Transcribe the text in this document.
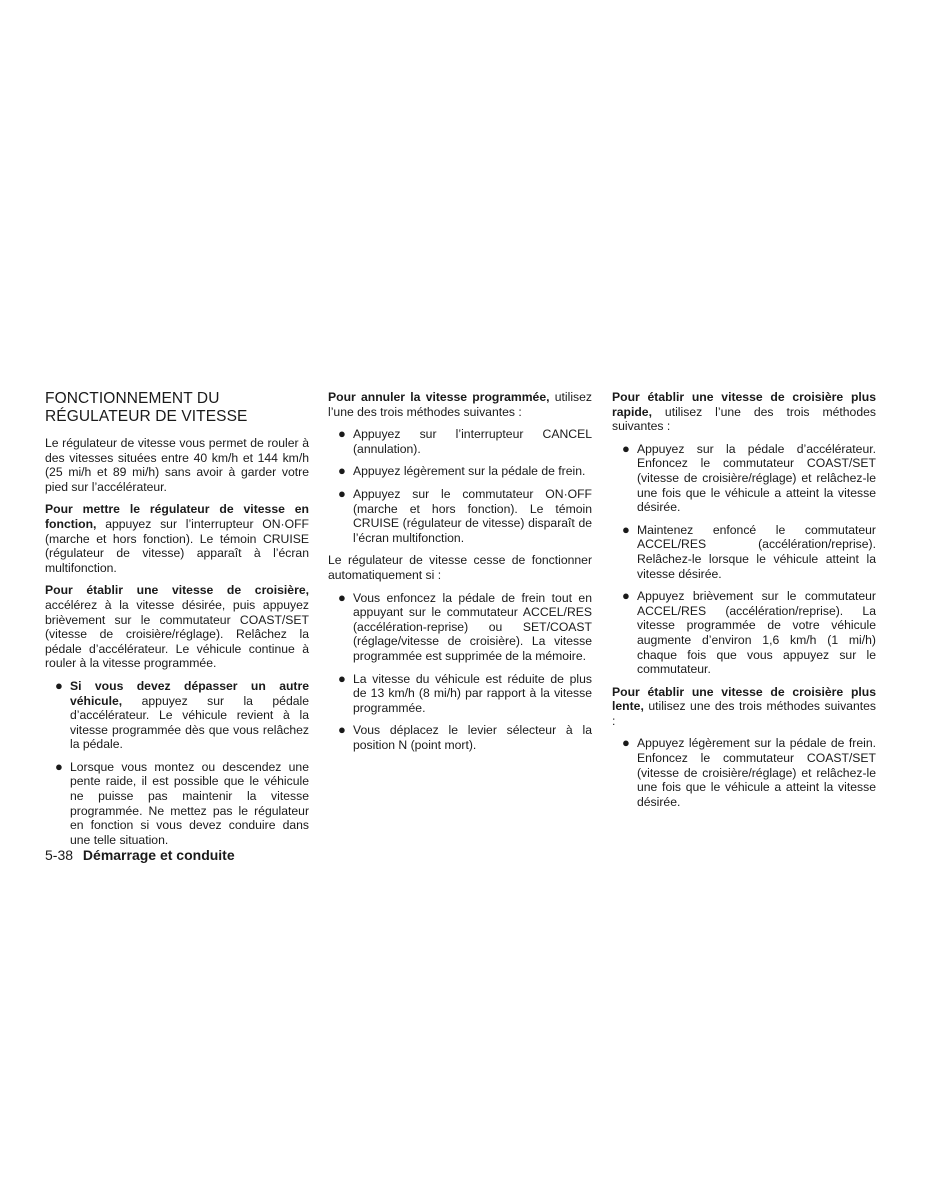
FONCTIONNEMENT DU
RÉGULATEUR DE VITESSE

Le régulateur de vitesse vous permet de rouler à des vitesses situées entre 40 km/h et 144 km/h (25 mi/h et 89 mi/h) sans avoir à garder votre pied sur l’accélérateur.

Pour mettre le régulateur de vitesse en fonction, appuyez sur l’interrupteur ON·OFF (marche et hors fonction). Le témoin CRUISE (régulateur de vitesse) apparaît à l’écran multifonction.

Pour établir une vitesse de croisière, accélérez à la vitesse désirée, puis appuyez brièvement sur le commutateur COAST/SET (vitesse de croisière/réglage). Relâchez la pédale d’accélérateur. Le véhicule continue à rouler à la vitesse programmée.

● Si vous devez dépasser un autre véhicule, appuyez sur la pédale d’accélérateur. Le véhicule revient à la vitesse programmée dès que vous relâchez la pédale.
● Lorsque vous montez ou descendez une pente raide, il est possible que le véhicule ne puisse pas maintenir la vitesse programmée. Ne mettez pas le régulateur en fonction si vous devez conduire dans une telle situation.

Pour annuler la vitesse programmée, utilisez l’une des trois méthodes suivantes :

● Appuyez sur l’interrupteur CANCEL (annulation).
● Appuyez légèrement sur la pédale de frein.
● Appuyez sur le commutateur ON·OFF (marche et hors fonction). Le témoin CRUISE (régulateur de vitesse) disparaît de l’écran multifonction.

Le régulateur de vitesse cesse de fonctionner automatiquement si :

● Vous enfoncez la pédale de frein tout en appuyant sur le commutateur ACCEL/RES (accélération-reprise) ou SET/COAST (réglage/vitesse de croisière). La vitesse programmée est supprimée de la mémoire.
● La vitesse du véhicule est réduite de plus de 13 km/h (8 mi/h) par rapport à la vitesse programmée.
● Vous déplacez le levier sélecteur à la position N (point mort).

Pour établir une vitesse de croisière plus rapide, utilisez l’une des trois méthodes suivantes :

● Appuyez sur la pédale d’accélérateur. Enfoncez le commutateur COAST/SET (vitesse de croisière/réglage) et relâchez-le une fois que le véhicule a atteint la vitesse désirée.
● Maintenez enfoncé le commutateur ACCEL/RES (accélération/reprise). Relâchez-le lorsque le véhicule atteint la vitesse désirée.
● Appuyez brièvement sur le commutateur ACCEL/RES (accélération/reprise). La vitesse programmée de votre véhicule augmente d’environ 1,6 km/h (1 mi/h) chaque fois que vous appuyez sur le commutateur.

Pour établir une vitesse de croisière plus lente, utilisez une des trois méthodes suivantes :

● Appuyez légèrement sur la pédale de frein. Enfoncez le commutateur COAST/SET (vitesse de croisière/réglage) et relâchez-le une fois que le véhicule a atteint la vitesse désirée.
5-38 Démarrage et conduite
